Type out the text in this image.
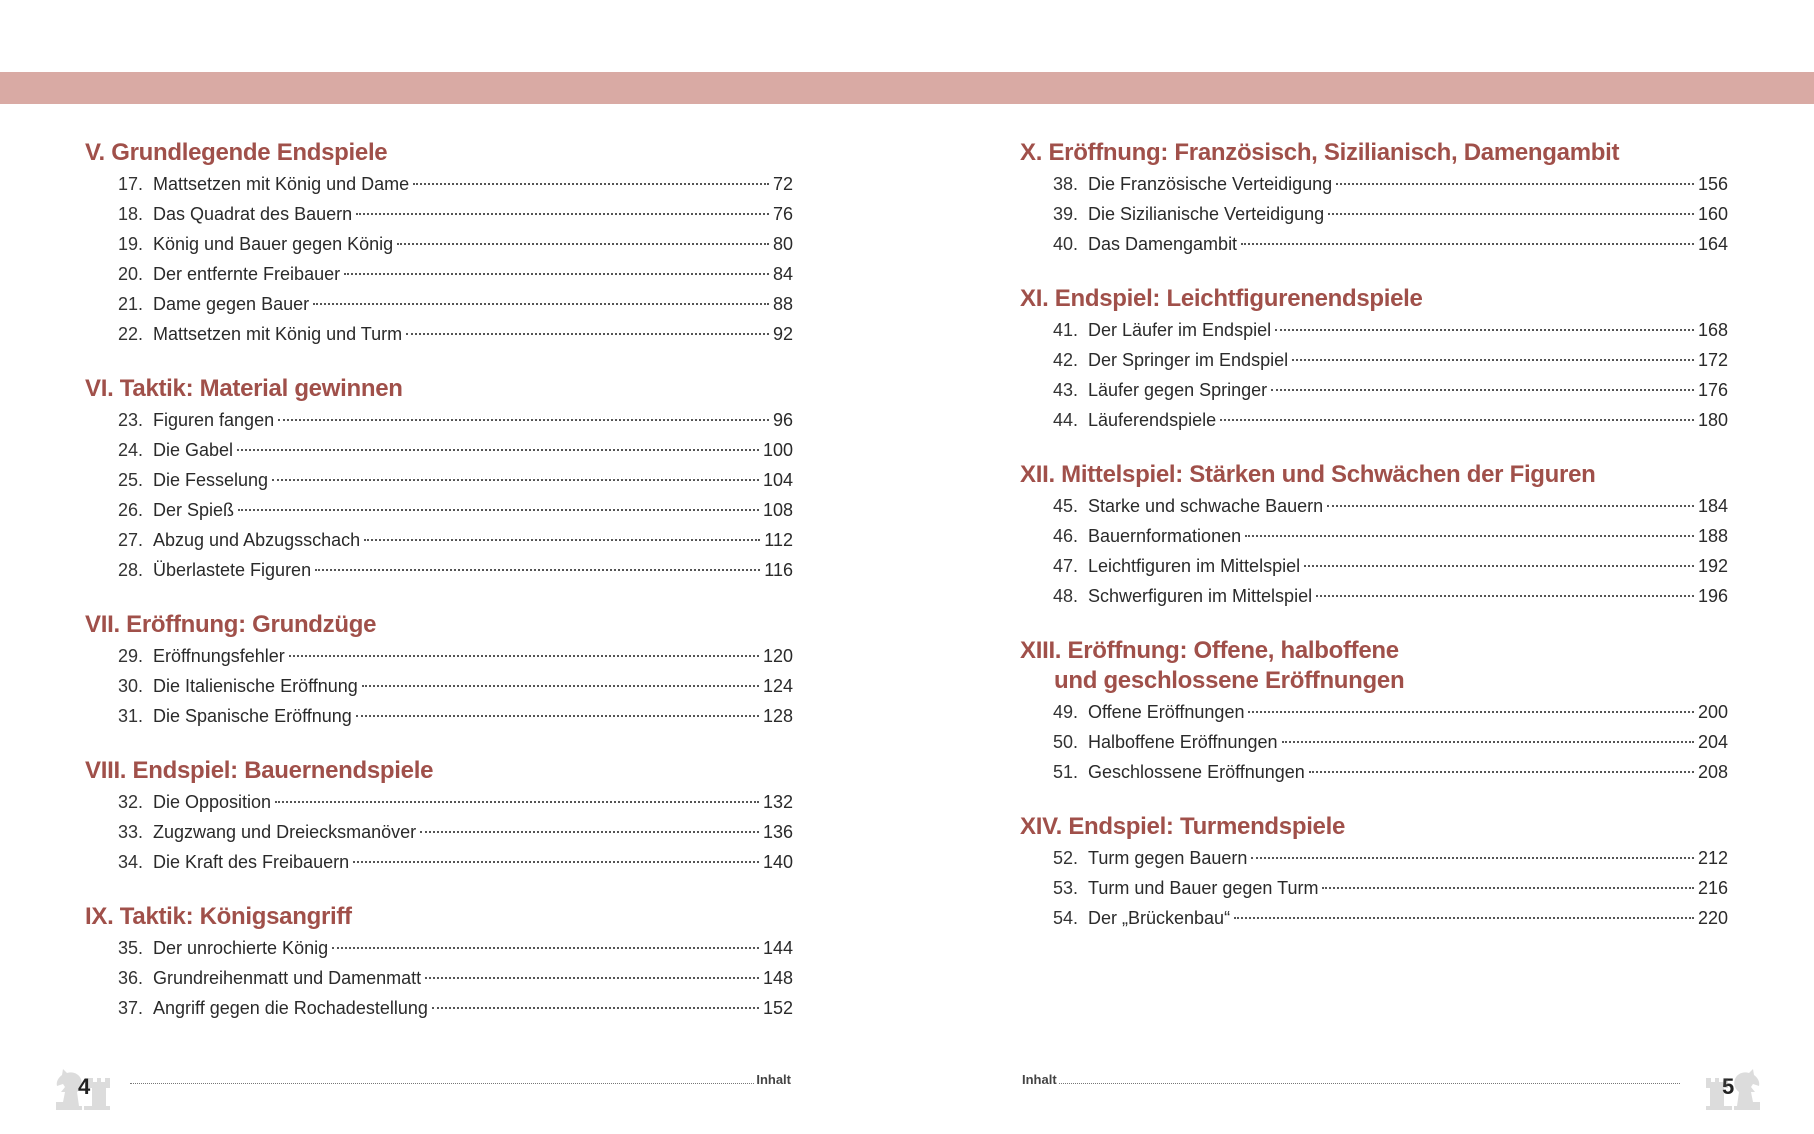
V. Grundlegende Endspiele
17. Mattsetzen mit König und Dame	72
18. Das Quadrat des Bauern	76
19. König und Bauer gegen König	80
20. Der entfernte Freibauer	84
21. Dame gegen Bauer	88
22. Mattsetzen mit König und Turm	92
VI. Taktik: Material gewinnen
23. Figuren fangen	96
24. Die Gabel	100
25. Die Fesselung	104
26. Der Spieß	108
27. Abzug und Abzugsschach	112
28. Überlastete Figuren	116
VII. Eröffnung: Grundzüge
29. Eröffnungsfehler	120
30. Die Italienische Eröffnung	124
31. Die Spanische Eröffnung	128
VIII. Endspiel: Bauernendspiele
32. Die Opposition	132
33. Zugzwang und Dreiecksmanöver	136
34. Die Kraft des Freibauern	140
IX. Taktik: Königsangriff
35. Der unrochierte König	144
36. Grundreihenmatt und Damenmatt	148
37. Angriff gegen die Rochadestellung	152
X. Eröffnung: Französisch, Sizilianisch, Damengambit
38. Die Französische Verteidigung	156
39. Die Sizilianische Verteidigung	160
40. Das Damengambit	164
XI. Endspiel: Leichtfigurenendspiele
41. Der Läufer im Endspiel	168
42. Der Springer im Endspiel	172
43. Läufer gegen Springer	176
44. Läuferendspiele	180
XII. Mittelspiel: Stärken und Schwächen der Figuren
45. Starke und schwache Bauern	184
46. Bauernformationen	188
47. Leichtfiguren im Mittelspiel	192
48. Schwerfiguren im Mittelspiel	196
XIII. Eröffnung: Offene, halboffene
und geschlossene Eröffnungen
49. Offene Eröffnungen	200
50. Halboffene Eröffnungen	204
51. Geschlossene Eröffnungen	208
XIV. Endspiel: Turmendspiele
52. Turm gegen Bauern	212
53. Turm und Bauer gegen Turm	216
54. Der „Brückenbau“	220
4	Inhalt	Inhalt	5
